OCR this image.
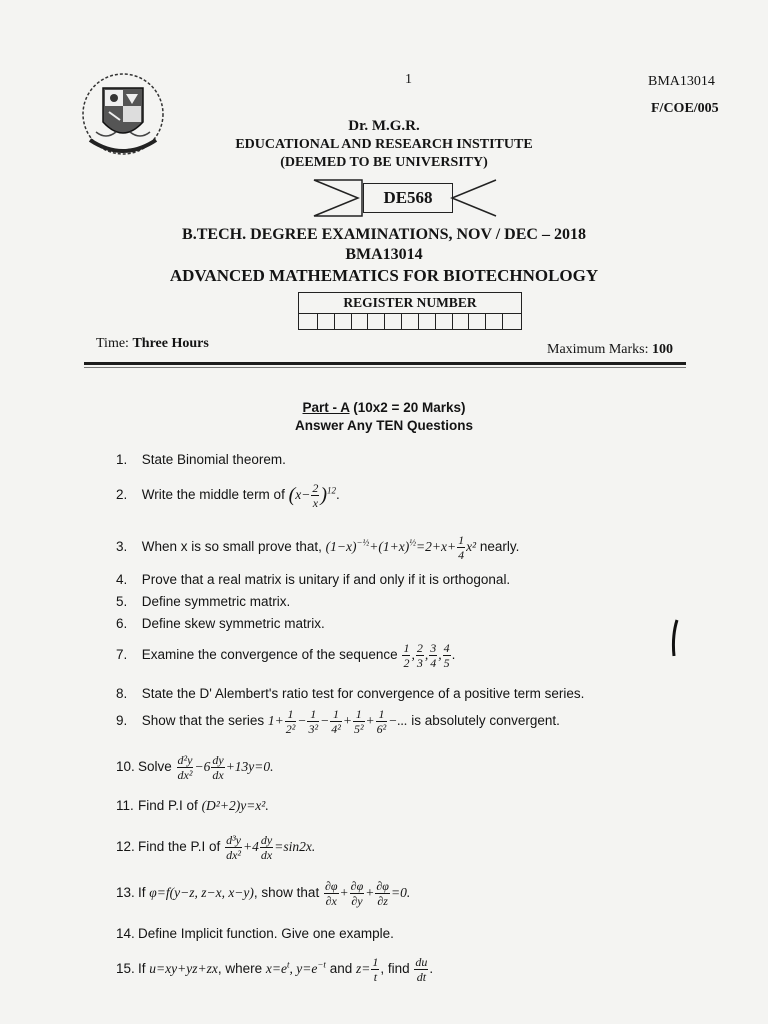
1	BMA13014
F/COE/005
Dr. M.G.R.
EDUCATIONAL AND RESEARCH INSTITUTE
(DEEMED TO BE UNIVERSITY)
DE568
B.TECH. DEGREE EXAMINATIONS, NOV / DEC – 2018
BMA13014
ADVANCED MATHEMATICS FOR BIOTECHNOLOGY
REGISTER NUMBER
Time: Three Hours	Maximum Marks: 100
Part - A (10x2 = 20 Marks)
Answer Any TEN Questions
1. State Binomial theorem.
2. Write the middle term of $(x- \frac{2}{x} )^{12}$.
3. When x is so small prove that, $(1-x)^{-\frac{1}{2}}+(1+x)^{\frac{1}{2}}=2+x+ \frac{1}{4} x^2$ nearly.
4. Prove that a real matrix is unitary if and only if it is orthogonal.
5. Define symmetric matrix.
6. Define skew symmetric matrix.
7. Examine the convergence of the sequence $\frac{1}{2}$ , $\frac{2}{3}$ , $\frac{3}{4}$ , $\frac{4}{5}$ .
8. State the D' Alembert's ratio test for convergence of a positive term series.
9. Show that the series $1+ \frac{1}{\text{2²}} - \frac{1}{\text{3²}} - \frac{1}{\text{4²}} + \frac{1}{\text{5²}} + \frac{1}{\text{6²}}$ −... is absolutely convergent.
10. Solve $\frac{\text{d²y}}{\text{dx²}} -6 \frac{dy}{dx} +13y=0$.
11. Find P.I of (D²+2)y=x².
12. Find the P.I of $\frac{\text{d³y}}{\text{dx²}} +4 \frac{dy}{dx} =\sin 2x$.
13. If φ=f(y−z, z−x, x−y), show that $\frac{\partial\varphi}{\partial x} + \frac{\partial\varphi}{\partial y} + \frac{\partial\varphi}{\partial z} =0$.
14. Define Implicit function. Give one example.
15. If u=xy+yz+zx, where $x=e^t$, $y=e^{-t}$ and $z= \frac{1}{t}$ , find $\frac{du}{dt}$ .
